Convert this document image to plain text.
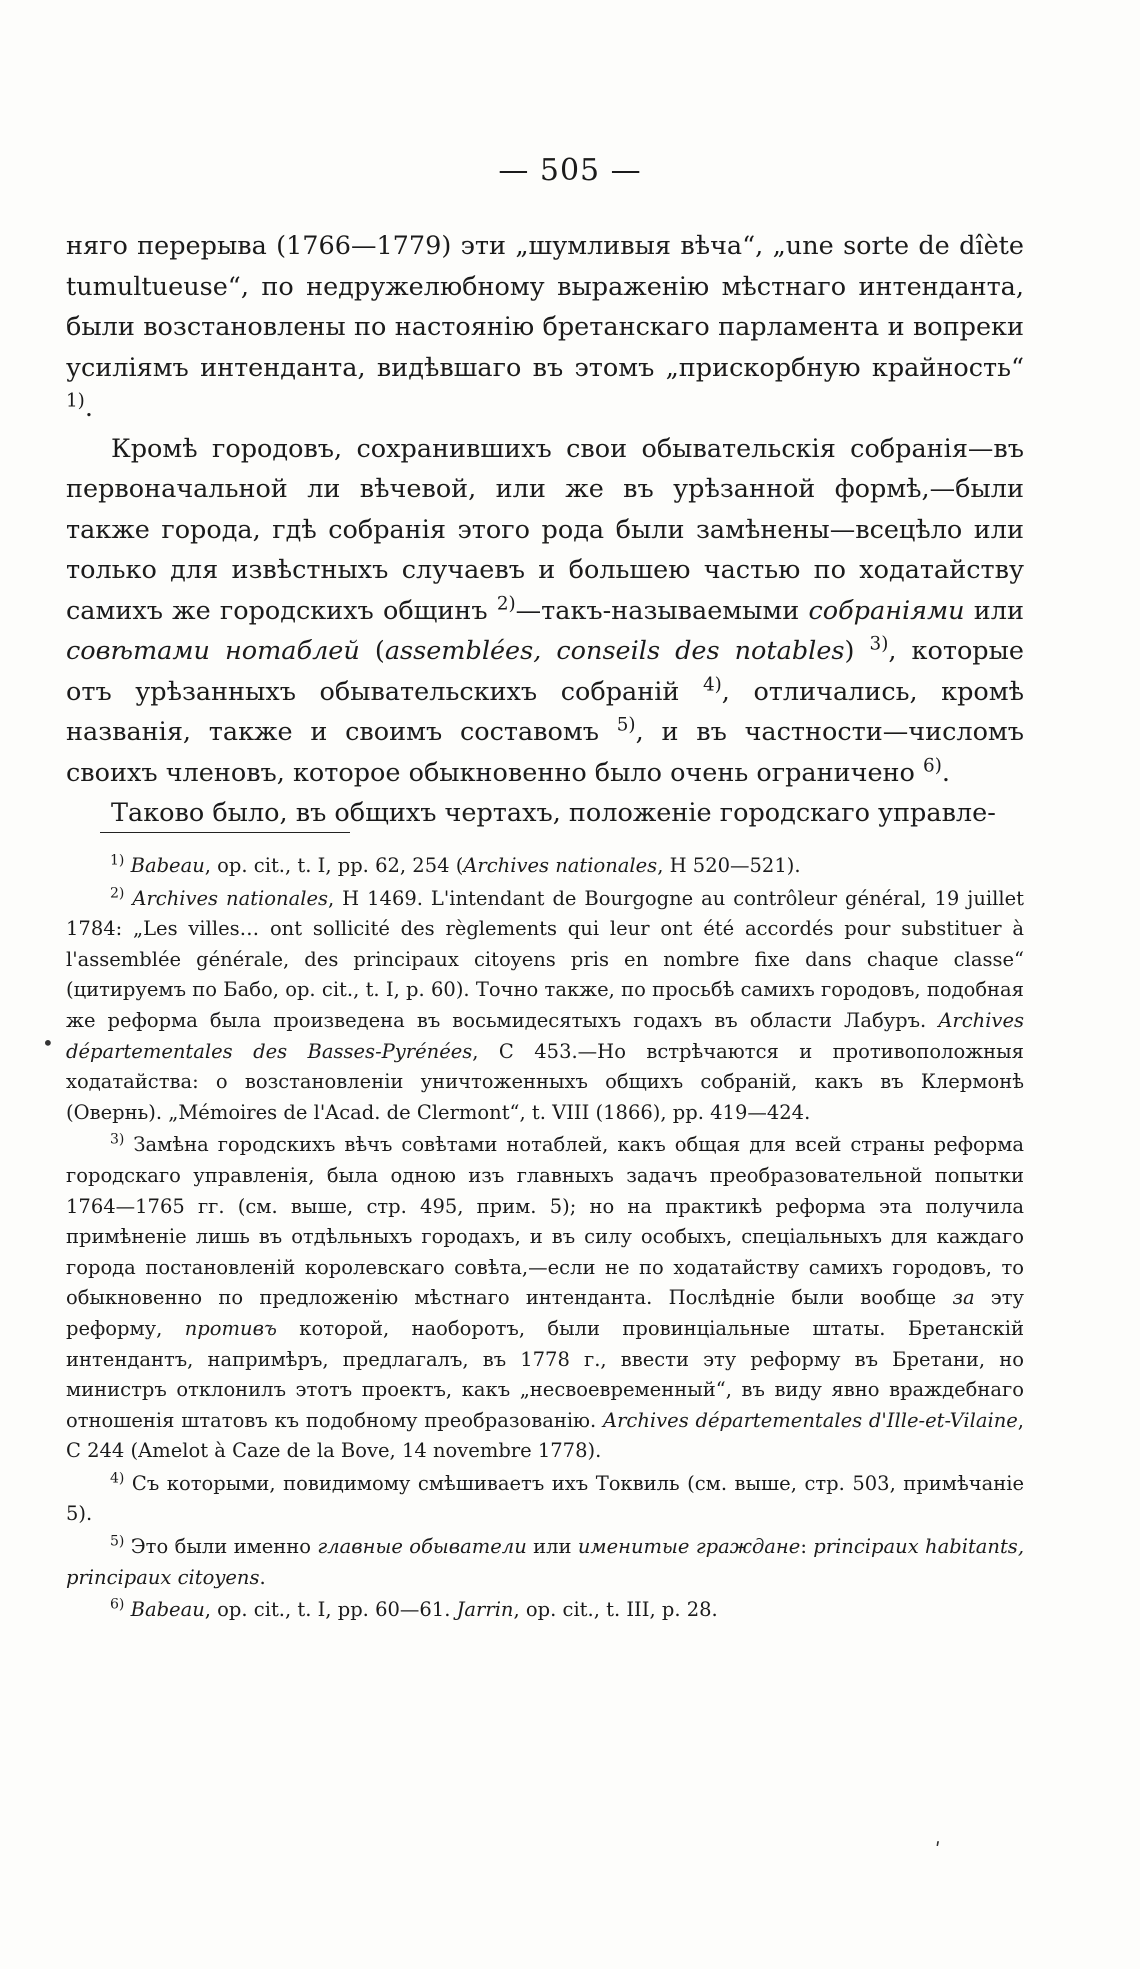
— 505 —

няго перерыва (1766—1779) эти „шумливыя вѣча“, „une sorte de dîète tumultueuse“, по недружелюбному выраженію мѣстнаго интенданта, были возстановлены по настоянію бретанскаго парламента и вопреки усиліямъ интенданта, видѣвшаго въ этомъ „прискорбную крайность“ $^{1)}$.

Кромѣ городовъ, сохранившихъ свои обывательскія собранія—въ первоначальной ли вѣчевой, или же въ урѣзанной формѣ,—были также города, гдѣ собранія этого рода были замѣнены—всецѣло или только для извѣстныхъ случаевъ и большею частью по ходатайству самихъ же городскихъ общинъ $^{2)}$—такъ-называемыми собраніями или совѣтами нотаблей (assemblées, conseils des notables) $^{3)}$, которые отъ урѣзанныхъ обывательскихъ собраній $^{4)}$, отличались, кромѣ названія, также и своимъ составомъ $^{5)}$, и въ частности—числомъ своихъ членовъ, которое обыкновенно было очень ограничено $^{6)}$.

Таково было, въ общихъ чертахъ, положеніе городскаго управле-

$^{1)}$ Babeau, op. cit., t. I, pp. 62, 254 (Archives nationales, H 520—521).

$^{2)}$ Archives nationales, H 1469. L'intendant de Bourgogne au contrôleur général, 19 juillet 1784: „Les villes… ont sollicité des règlements qui leur ont été accordés pour substituer à l'assemblée générale, des principaux citoyens pris en nombre fixe dans chaque classe“ (цитируемъ по Бабо, op. cit., t. I, p. 60). Точно также, по просьбѣ самихъ городовъ, подобная же реформа была произведена въ восьмидесятыхъ годахъ въ области Лабуръ. Archives départementales des Basses-Pyrénées, C 453.—Но встрѣчаются и противоположныя ходатайства: о возстановленіи уничтоженныхъ общихъ собраній, какъ въ Клермонѣ (Овернь). „Mémoires de l'Acad. de Clermont“, t. VIII (1866), pp. 419—424.

$^{3)}$ Замѣна городскихъ вѣчъ совѣтами нотаблей, какъ общая для всей страны реформа городскаго управленія, была одною изъ главныхъ задачъ преобразовательной попытки 1764—1765 гг. (см. выше, стр. 495, прим. 5); но на практикѣ реформа эта получила примѣненіе лишь въ отдѣльныхъ городахъ, и въ силу особыхъ, спеціальныхъ для каждаго города постановленій королевскаго совѣта,—если не по ходатайству самихъ городовъ, то обыкновенно по предложенію мѣстнаго интенданта. Послѣдніе были вообще за эту реформу, противъ которой, наоборотъ, были провинціальные штаты. Бретанскій интендантъ, напримѣръ, предлагалъ, въ 1778 г., ввести эту реформу въ Бретани, но министръ отклонилъ этотъ проектъ, какъ „несвоевременный“, въ виду явно враждебнаго отношенія штатовъ къ подобному преобразованію. Archives départementales d'Ille-et-Vilaine, C 244 (Amelot à Caze de la Bove, 14 novembre 1778).

$^{4)}$ Съ которыми, повидимому смѣшиваетъ ихъ Токвиль (см. выше, стр. 503, примѣчаніе 5).

$^{5)}$ Это были именно главные обыватели или именитые граждане: principaux habitants, principaux citoyens.

$^{6)}$ Babeau, op. cit., t. I, pp. 60—61. Jarrin, op. cit., t. III, p. 28.

•
ʹ
